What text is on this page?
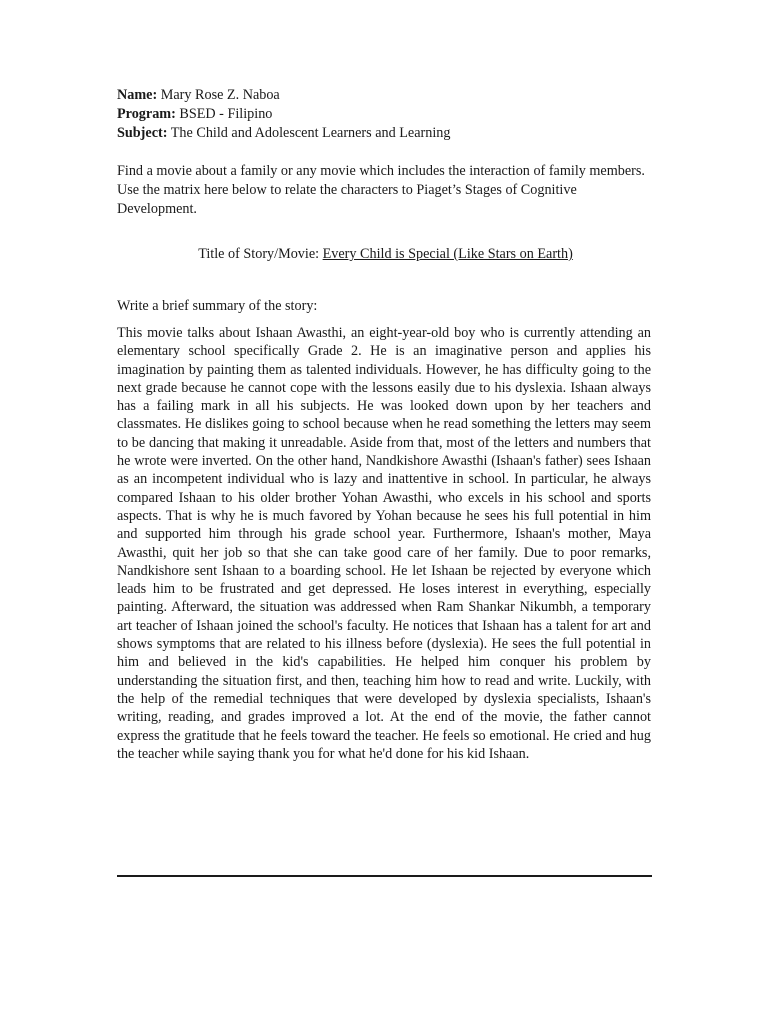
Name: Mary Rose Z. Naboa

Program: BSED - Filipino

Subject: The Child and Adolescent Learners and Learning

Find a movie about a family or any movie which includes the interaction of family members. Use the matrix here below to relate the characters to Piaget’s Stages of Cognitive Development.
Title of Story/Movie: Every Child is Special (Like Stars on Earth)
Write a brief summary of the story:
This movie talks about Ishaan Awasthi, an eight-year-old boy who is currently attending an elementary school specifically Grade 2. He is an imaginative person and applies his imagination by painting them as talented individuals. However, he has difficulty going to the next grade because he cannot cope with the lessons easily due to his dyslexia. Ishaan always has a failing mark in all his subjects. He was looked down upon by her teachers and classmates. He dislikes going to school because when he read something the letters may seem to be dancing that making it unreadable. Aside from that, most of the letters and numbers that he wrote were inverted. On the other hand, Nandkishore Awasthi (Ishaan's father) sees Ishaan as an incompetent individual who is lazy and inattentive in school. In particular, he always compared Ishaan to his older brother Yohan Awasthi, who excels in his school and sports aspects. That is why he is much favored by Yohan because he sees his full potential in him and supported him through his grade school year. Furthermore, Ishaan's mother, Maya Awasthi, quit her job so that she can take good care of her family. Due to poor remarks, Nandkishore sent Ishaan to a boarding school. He let Ishaan be rejected by everyone which leads him to be frustrated and get depressed. He loses interest in everything, especially painting. Afterward, the situation was addressed when Ram Shankar Nikumbh, a temporary art teacher of Ishaan joined the school's faculty. He notices that Ishaan has a talent for art and shows symptoms that are related to his illness before (dyslexia). He sees the full potential in him and believed in the kid's capabilities. He helped him conquer his problem by understanding the situation first, and then, teaching him how to read and write. Luckily, with the help of the remedial techniques that were developed by dyslexia specialists, Ishaan's writing, reading, and grades improved a lot. At the end of the movie, the father cannot express the gratitude that he feels toward the teacher. He feels so emotional. He cried and hug the teacher while saying thank you for what he'd done for his kid Ishaan.
